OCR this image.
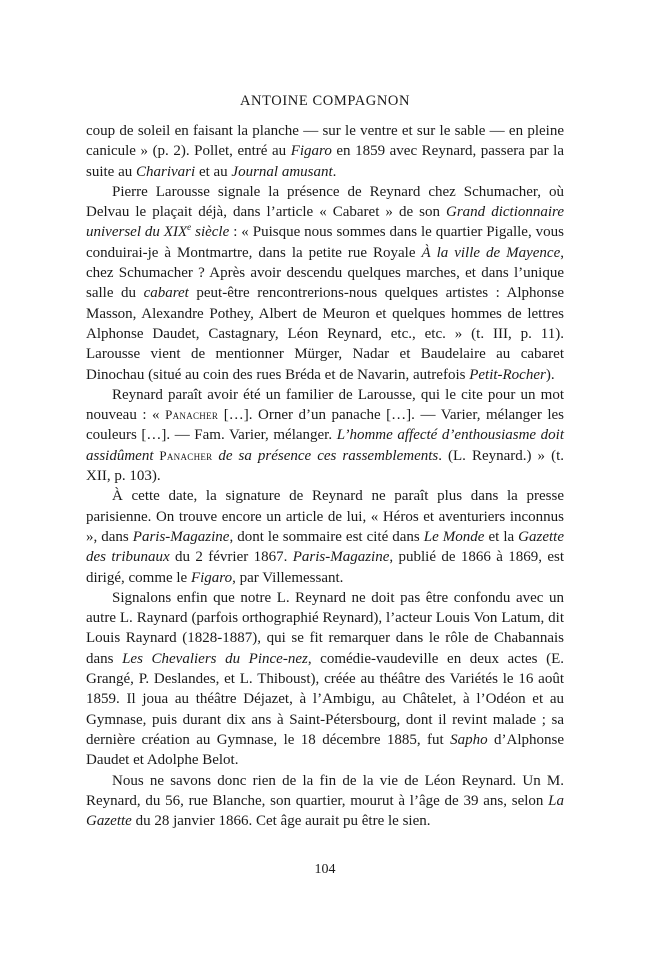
ANTOINE COMPAGNON

coup de soleil en faisant la planche — sur le ventre et sur le sable — en pleine canicule » (p. 2). Pollet, entré au Figaro en 1859 avec Reynard, passera par la suite au Charivari et au Journal amusant.

Pierre Larousse signale la présence de Reynard chez Schumacher, où Delvau le plaçait déjà, dans l’article « Cabaret » de son Grand dictionnaire universel du XIXe siècle : « Puisque nous sommes dans le quartier Pigalle, vous conduirai-je à Montmartre, dans la petite rue Royale À la ville de Mayence, chez Schumacher ? Après avoir descendu quelques marches, et dans l’unique salle du cabaret peut-être rencontrerions-nous quelques artistes : Alphonse Masson, Alexandre Pothey, Albert de Meuron et quelques hommes de lettres Alphonse Daudet, Castagnary, Léon Reynard, etc., etc. » (t. III, p. 11). Larousse vient de mentionner Mürger, Nadar et Baudelaire au cabaret Dinochau (situé au coin des rues Bréda et de Navarin, autrefois Petit-Rocher).

Reynard paraît avoir été un familier de Larousse, qui le cite pour un mot nouveau : « Panacher […]. Orner d’un panache […]. — Varier, mélanger les couleurs […]. — Fam. Varier, mélanger. L’homme affecté d’enthousiasme doit assidûment Panacher de sa présence ces rassemblements. (L. Reynard.) » (t. XII, p. 103).

À cette date, la signature de Reynard ne paraît plus dans la presse parisienne. On trouve encore un article de lui, « Héros et aventuriers inconnus », dans Paris-Magazine, dont le sommaire est cité dans Le Monde et la Gazette des tribunaux du 2 février 1867. Paris-Magazine, publié de 1866 à 1869, est dirigé, comme le Figaro, par Villemessant.

Signalons enfin que notre L. Reynard ne doit pas être confondu avec un autre L. Raynard (parfois orthographié Reynard), l’acteur Louis Von Latum, dit Louis Raynard (1828-1887), qui se fit remarquer dans le rôle de Chabannais dans Les Chevaliers du Pince-nez, comédie-vaudeville en deux actes (E. Grangé, P. Deslandes, et L. Thiboust), créée au théâtre des Variétés le 16 août 1859. Il joua au théâtre Déjazet, à l’Ambigu, au Châtelet, à l’Odéon et au Gymnase, puis durant dix ans à Saint-Pétersbourg, dont il revint malade ; sa dernière création au Gymnase, le 18 décembre 1885, fut Sapho d’Alphonse Daudet et Adolphe Belot.

Nous ne savons donc rien de la fin de la vie de Léon Reynard. Un M. Reynard, du 56, rue Blanche, son quartier, mourut à l’âge de 39 ans, selon La Gazette du 28 janvier 1866. Cet âge aurait pu être le sien.

104
